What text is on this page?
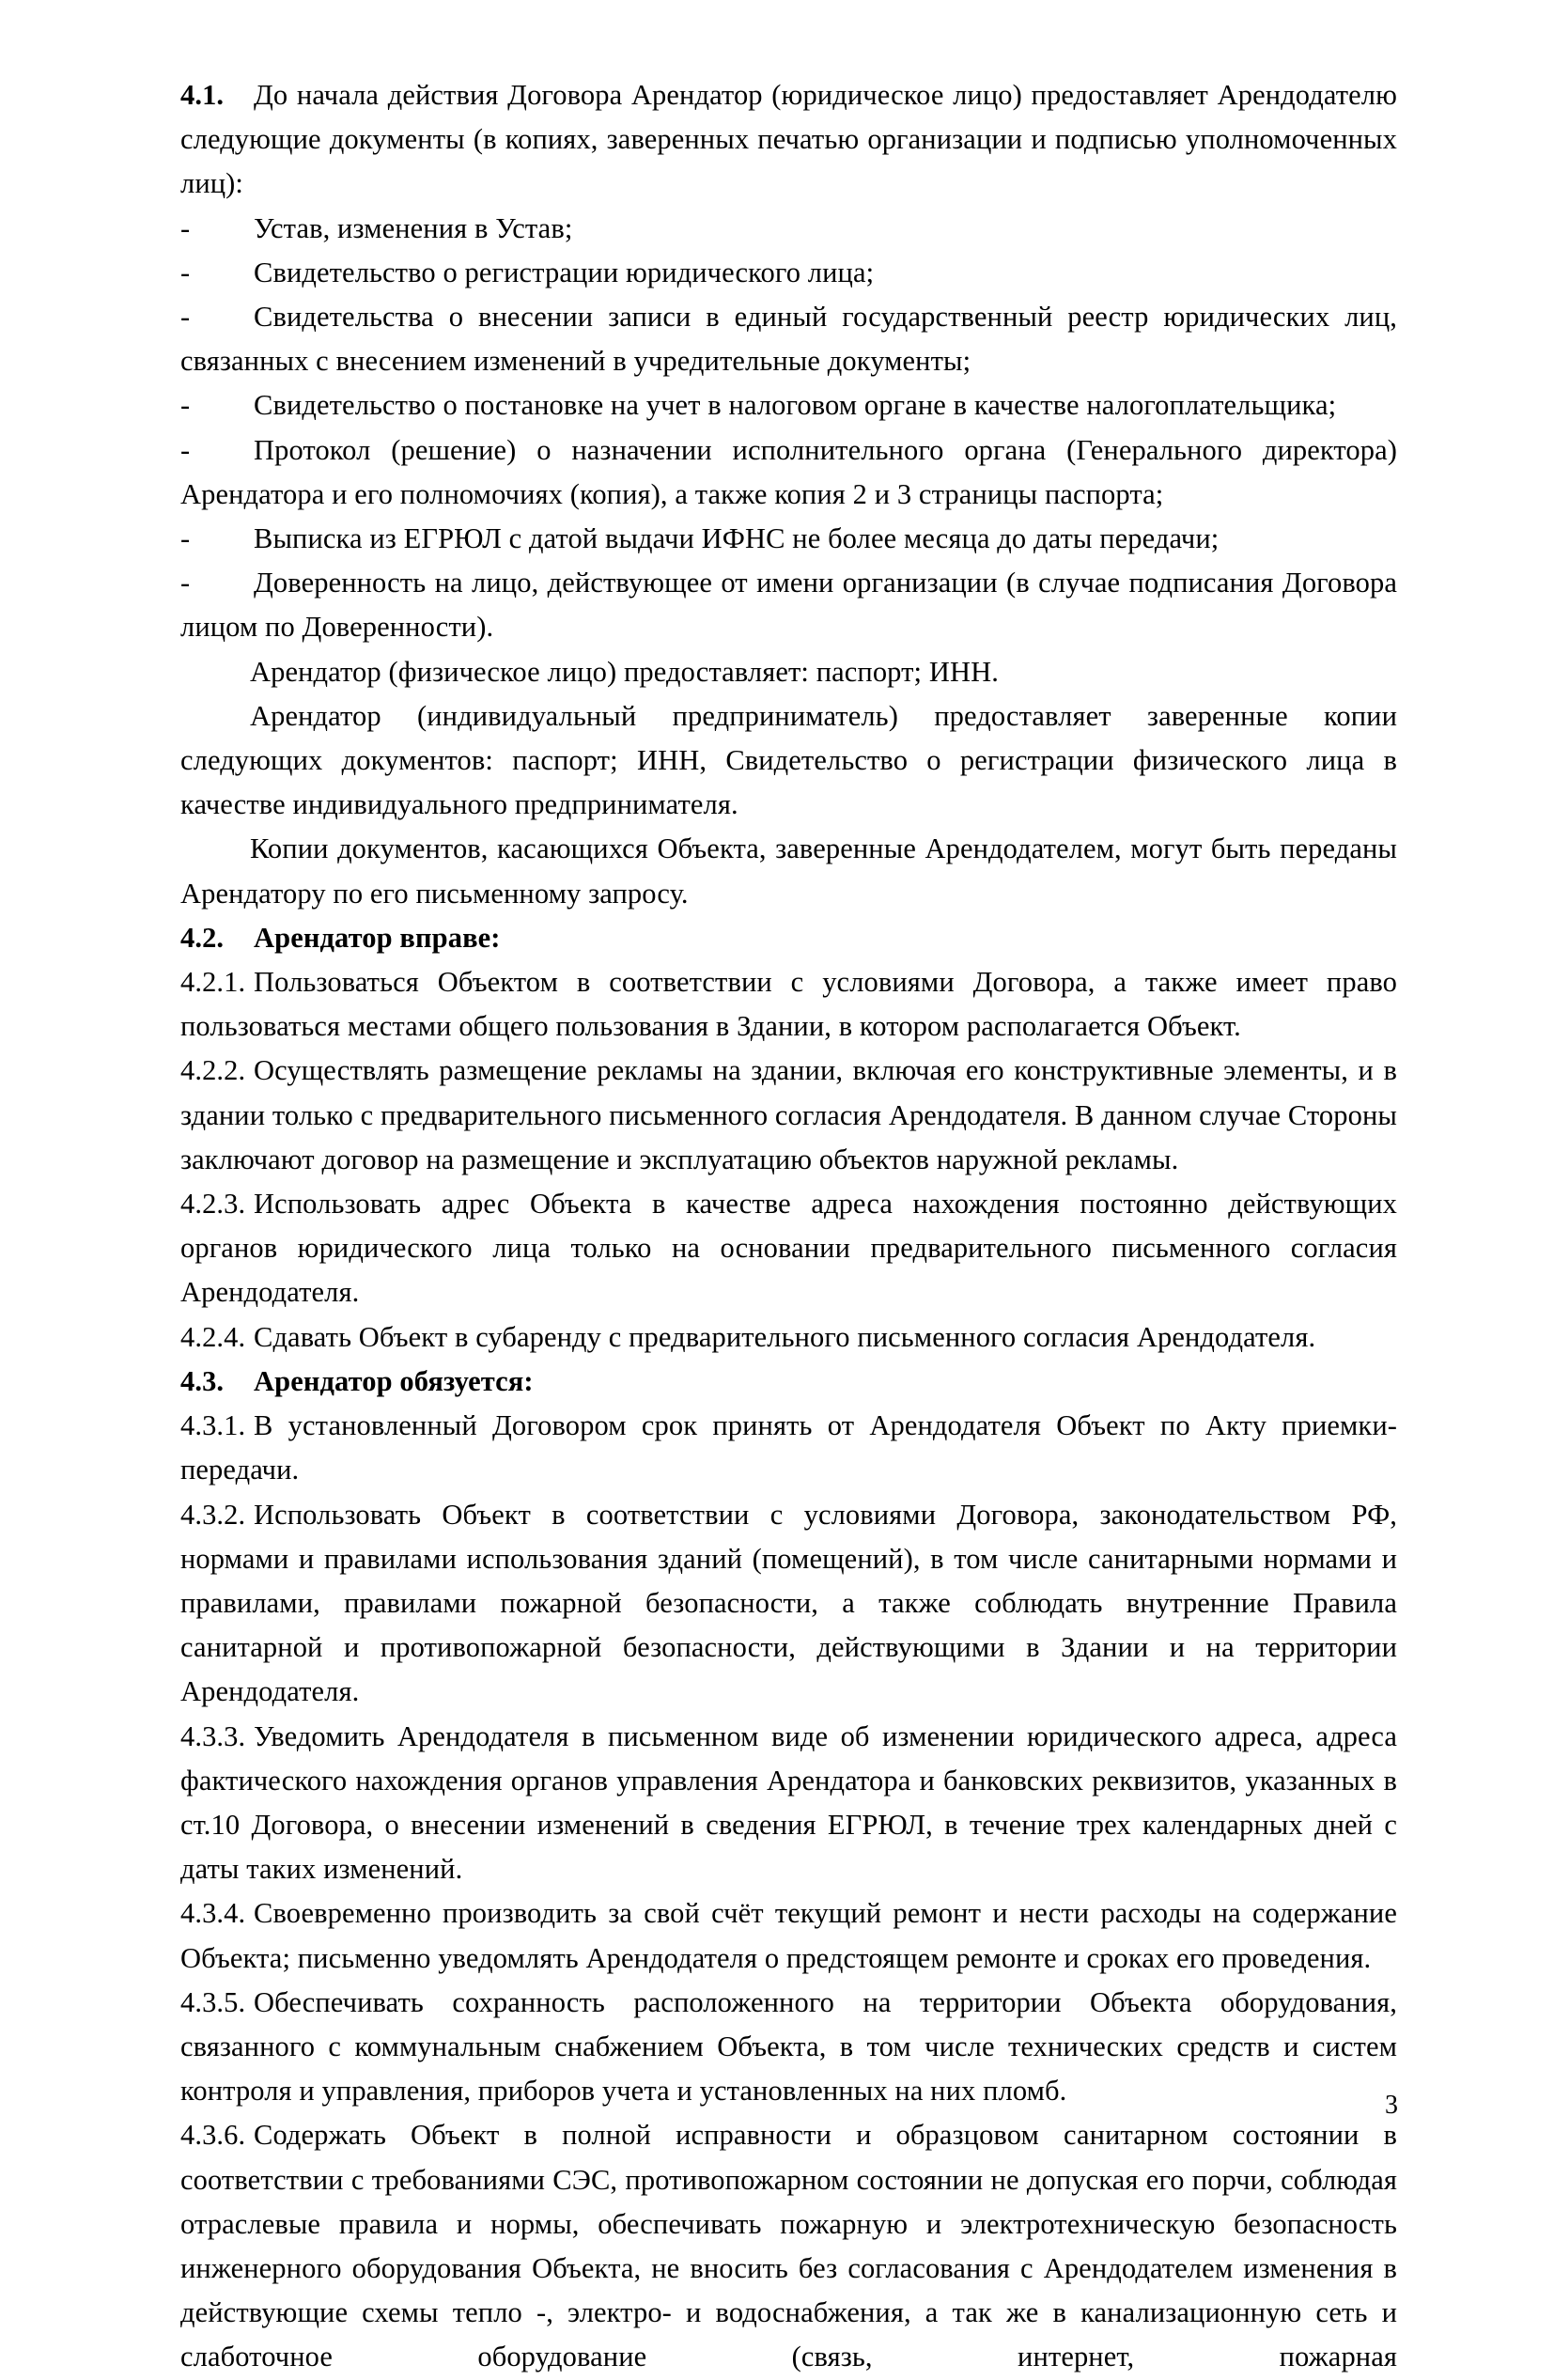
4.1. До начала действия Договора Арендатор (юридическое лицо) предоставляет Арендодателю следующие документы (в копиях, заверенных печатью организации и подписью уполномоченных лиц):

- Устав, изменения в Устав;

- Свидетельство о регистрации юридического лица;

- Свидетельства о внесении записи в единый государственный реестр юридических лиц, связанных с внесением изменений в учредительные документы;

- Свидетельство о постановке на учет в налоговом органе в качестве налогоплательщика;

- Протокол (решение) о назначении исполнительного органа (Генерального директора) Арендатора и его полномочиях (копия), а также копия 2 и 3 страницы паспорта;

- Выписка из ЕГРЮЛ с датой выдачи ИФНС не более месяца до даты передачи;

- Доверенность на лицо, действующее от имени организации (в случае подписания Договора лицом по Доверенности).

Арендатор (физическое лицо) предоставляет: паспорт; ИНН.

Арендатор (индивидуальный предприниматель) предоставляет заверенные копии следующих документов: паспорт; ИНН, Свидетельство о регистрации физического лица в качестве индивидуального предпринимателя.

Копии документов, касающихся Объекта, заверенные Арендодателем, могут быть переданы Арендатору по его письменному запросу.

4.2. Арендатор вправе:

4.2.1. Пользоваться Объектом в соответствии с условиями Договора, а также имеет право пользоваться местами общего пользования в Здании, в котором располагается Объект.

4.2.2. Осуществлять размещение рекламы на здании, включая его конструктивные элементы, и в здании только с предварительного письменного согласия Арендодателя. В данном случае Стороны заключают договор на размещение и эксплуатацию объектов наружной рекламы.

4.2.3. Использовать адрес Объекта в качестве адреса нахождения постоянно действующих органов юридического лица только на основании предварительного письменного согласия Арендодателя.

4.2.4. Сдавать Объект в субаренду с предварительного письменного согласия Арендодателя.

4.3. Арендатор обязуется:

4.3.1. В установленный Договором срок принять от Арендодателя Объект по Акту приемки-передачи.

4.3.2. Использовать Объект в соответствии с условиями Договора, законодательством РФ, нормами и правилами использования зданий (помещений), в том числе санитарными нормами и правилами, правилами пожарной безопасности, а также соблюдать внутренние Правила санитарной и противопожарной безопасности, действующими в Здании и на территории Арендодателя.

4.3.3. Уведомить Арендодателя в письменном виде об изменении юридического адреса, адреса фактического нахождения органов управления Арендатора и банковских реквизитов, указанных в ст.10 Договора, о внесении изменений в сведения ЕГРЮЛ, в течение трех календарных дней с даты таких изменений.

4.3.4. Своевременно производить за свой счёт текущий ремонт и нести расходы на содержание Объекта; письменно уведомлять Арендодателя о предстоящем ремонте и сроках его проведения.

4.3.5. Обеспечивать сохранность расположенного на территории Объекта оборудования, связанного с коммунальным снабжением Объекта, в том числе технических средств и систем контроля и управления, приборов учета и установленных на них пломб.

4.3.6. Содержать Объект в полной исправности и образцовом санитарном состоянии в соответствии с требованиями СЭС, противопожарном состоянии не допуская его порчи, соблюдая отраслевые правила и нормы, обеспечивать пожарную и электротехническую безопасность инженерного оборудования Объекта, не вносить без согласования с Арендодателем изменения в действующие схемы тепло -, электро- и водоснабжения, а так же в канализационную сеть и слаботочное оборудование (связь, интернет, пожарная

3
